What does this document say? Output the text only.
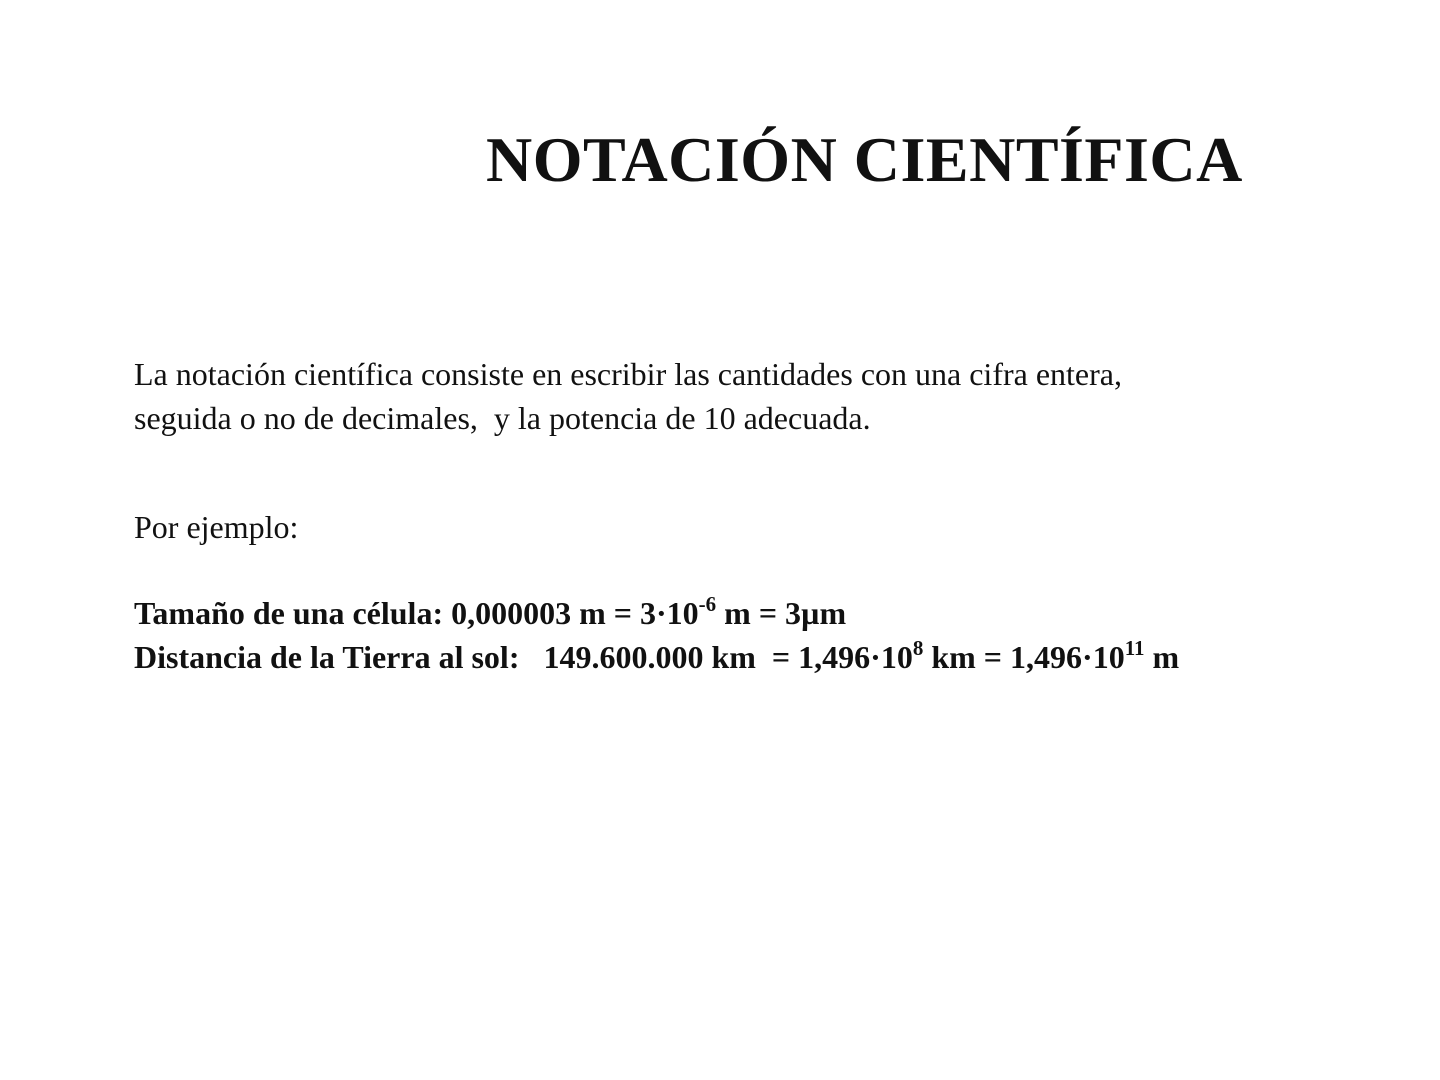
NOTACIÓN CIENTÍFICA
La notación científica consiste en escribir las cantidades con una cifra entera,
seguida o no de decimales,  y la potencia de 10 adecuada.
Por ejemplo:
Tamaño de una célula: 0,000003 $m = 3\cdot 10^{-6}$ m = 3µm
Distancia de la Tierra al sol:   149.600.000 km  = $1,496\cdot 10^8$ km = $1,496\cdot 10^{11}$ m
